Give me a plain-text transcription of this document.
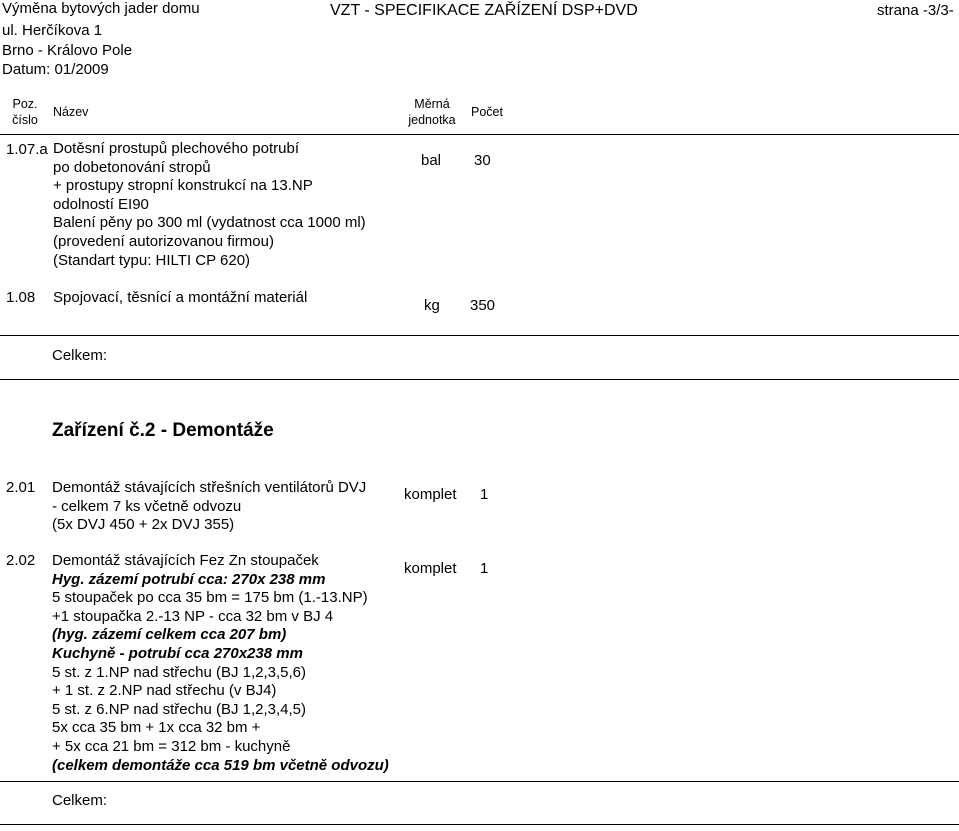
Výměna bytových jader domu
ul. Herčíkova 1
Brno - Královo Pole
Datum: 01/2009
VZT - SPECIFIKACE ZAŘÍZENÍ DSP+DVD	strana -3/3-
Poz.
číslo
Název
Měrná
jednotka
Počet
1.07.a Dotěsní prostupů plechového potrubí
po dobetonování stropů
+ prostupy stropní konstrukcí na 13.NP
odolností EI90
Balení pěny po 300 ml (vydatnost cca 1000 ml)
(provedení autorizovanou firmou)
(Standart typu: HILTI CP 620)
bal 30
1.08 Spojovací, těsnící a montážní materiál	kg 350
Celkem:
Zařízení č.2 - Demontáže
2.01 Demontáž stávajících střešních ventilátorů DVJ
- celkem 7 ks včetně odvozu
(5x DVJ 450 + 2x DVJ 355)
komplet 1
2.02 Demontáž stávajících Fez Zn stoupaček
Hyg. zázemí potrubí cca: 270x 238 mm
5 stoupaček po cca 35 bm = 175 bm (1.-13.NP)
+1 stoupačka 2.-13 NP - cca 32 bm v BJ 4
(hyg. zázemí celkem cca 207 bm)
Kuchyně - potrubí cca 270x238 mm
5 st. z 1.NP nad střechu (BJ 1,2,3,5,6)
+ 1 st. z 2.NP nad střechu (v BJ4)
5 st. z 6.NP nad střechu (BJ 1,2,3,4,5)
5x cca 35 bm + 1x cca 32 bm +
+ 5x cca 21 bm = 312 bm - kuchyně
(celkem demontáže cca 519 bm včetně odvozu)
komplet 1
Celkem:
